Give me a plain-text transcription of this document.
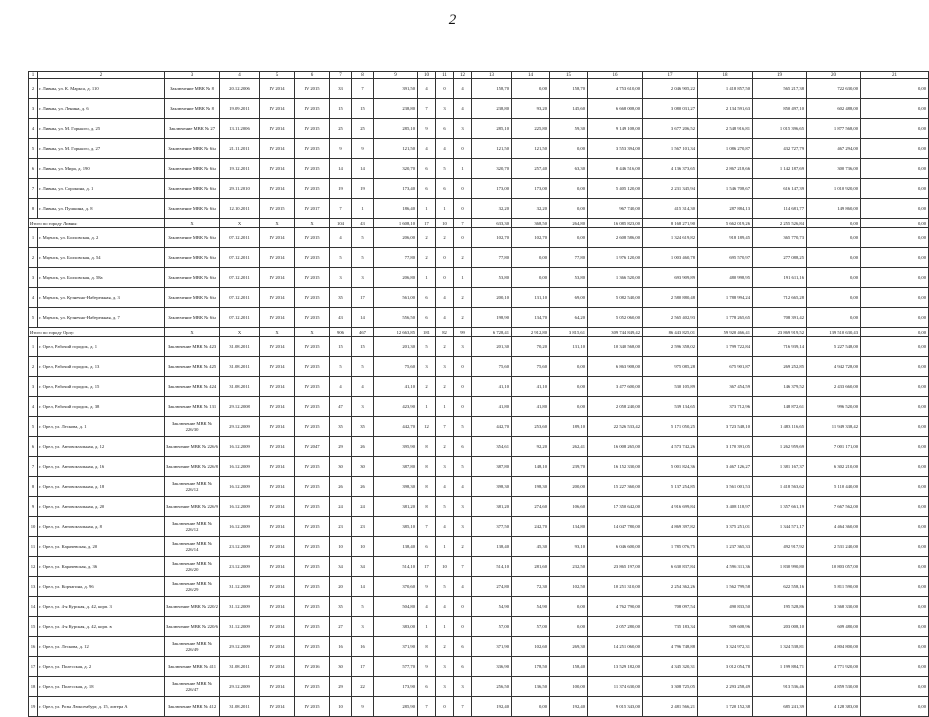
2
1	2	3	4	5	6	7	8	9	10	11	12	13	14	15	16	17	18	19	20	21
2	г. Ливны, ул. К. Маркса, д. 110	Заключение МВК № 8	20.12.2006	IV 2014	IV 2015	33	7	391,50	4	0	4	158,70	0,00	158,70	4 753 610,00	2 046 905,22	1 418 857,50	565 217,38	722 630,00	0,00
3	г. Ливны, ул. Ленина, д. 6	Заключение МВК № 8	19.09.2011	IV 2014	IV 2015	15	15	238,80	7	3	4	238,80	93,20	145,60	6 668 008,00	3 080 031,27	2 134 591,63	850 497,10	602 488,00	0,00
4	г. Ливны, ул. М. Горького, д. 25	Заключение МВК № 27	13.11.2006	IV 2014	IV 2015	25	25	285,10	9	6	3	285,10	225,80	59,30	9 149 108,00	3 677 206,52	2 548 916,81	1 015 396,65	1 877 568,00	0,00
5	г. Ливны, ул. М. Горького, д. 27	Заключение МВК № 6/н	21.11.2011	IV 2014	IV 2015	9	9	121,50	4	4	0	121,50	121,50	0,00	3 553 394,00	1 567 101,34	1 086 270,87	432 727,79	467 294,00	0,00
6	г. Ливны, ул. Мира, д. 190	Заключение МВК № 6/н	19.12.2011	IV 2014	IV 2015	14	14	320,70	6	5	1	320,70	257,40	63,30	8 446 516,00	4 136 373,65	2 867 218,66	1 142 187,69	300 736,00	0,00
7	г. Ливны, ул. Сорокина, д. 1	Заключение МВК № 6/н	29.11.2010	IV 2014	IV 2015	19	19	173,40	6	6	0	173,00	173,00	0,00	5 405 120,00	2 231 345,94	1 546 708,67	616 147,39	1 010 920,00	0,00
8	г. Ливны, ул. Пушкина, д. 8	Заключение МВК № 6/н	12.10.2011	IV 2015	IV 2017	7	1	186,40	1	1	0	32,20	32,20	0,00	967 740,00	415 314,30	287 884,13	114 681,77	149 860,00	0,00
Итого по городу Ливны:		X	X	X	X	104	43	1 608,10	17	10	7	633,30	368,50	264,80	16 085 823,00	8 168 271,90	5 662 019,26	2 255 526,84	0,00	0,00
1	г. Мценск, ул. Болховская, д. 2	Заключение МВК № 6/н	07.12.2011	IV 2014	IV 2015	4	5	206,00	2	2	0	102,70	102,70	0,00	2 608 586,00	1 324 619,82	918 189,45	365 770,73	0,00	0,00
2	г. Мценск, ул. Болховская, д. 54	Заключение МВК № 6/н	07.12.2011	IV 2014	IV 2015	5	5	77,80	2	0	2	77,80	0,00	77,80	1 976 120,00	1 003 460,78	695 570,97	277 088,25	0,00	0,00
3	г. Мценск, ул. Болховская, д. 58а	Заключение МВК № 6/н	07.12.2011	IV 2014	IV 2015	3	3	206,80	1	0	1	53,80	0,00	53,80	1 366 520,00	693 909,89	480 998,95	191 611,16	0,00	0,00
4	г. Мценск, ул. Кузнечно-Набережная, д. 3	Заключение МВК № 6/н	07.12.2011	IV 2014	IV 2015	35	17	561,00	6	4	2	200,10	131,10	69,00	5 082 540,00	2 580 880,48	1 788 994,24	712 665,28	0,00	0,00
5	г. Мценск, ул. Кузнечно-Набережная, д. 7	Заключение МВК № 6/н	07.12.2011	IV 2014	IV 2015	43	14	556,50	6	4	2	198,90	134,70	64,20	5 052 060,00	2 565 402,93	1 778 265,65	708 391,42	0,00	0,00
Итого по городу Орлу:		X	X	X	X	906	467	12 663,85	181	82	99	6 728,41	2 912,80	3 815,61	309 744 849,42	86 443 825,01	59 920 466,41	23 869 919,52	139 510 630,43	0,00
1	г. Орел, Рабочий городок, д. 1	Заключение МВК № 423	31.08.2011	IV 2014	IV 2015	15	15	201,30	5	2	3	201,30	70,20	131,10	10 340 568,00	2 596 358,02	1 799 722,84	716 939,14	5 227 548,00	0,00
2	г. Орел, Рабочий городок, д. 13	Заключение МВК № 425	31.08.2011	IV 2014	IV 2015	5	5	75,60	3	3	0	75,60	75,60	0,00	6 863 908,00	975 085,28	675 901,87	269 252,85	4 942 728,00	0,00
3	г. Орел, Рабочий городок, д. 15	Заключение МВК № 424	31.08.2011	IV 2014	IV 2015	4	4	41,10	2	2	0	41,10	41,10	0,00	3 477 600,00	530 105,89	367 454,59	146 379,52	2 433 660,00	0,00
4	г. Орел, Рабочий городок, д. 38	Заключение МВК № 131	29.12.2008	IV 2014	IV 2015	47	3	423,90	1	1	0	41,80	41,80	0,00	2 058 240,00	539 134,65	373 712,96	148 872,61	996 520,00	0,00
5	г. Орел, ул. Лескова, д. 1	Заключение МВК № 226/30	29.12.2009	IV 2014	IV 2015	35	35	442,70	12	7	5	442,70	253,60	189,10	22 526 533,42	5 171 050,25	3 723 548,10	1 483 116,65	11 949 338,42	0,00
6	г. Орел, ул. Автовокзальная, д. 12	Заключение МВК № 226/6	16.12.2009	IV 2014	IV 2047	29	26	395,90	8	2	6	354,61	92,20	262,41	16 008 265,00	4 573 742,26	3 170 391,05	1 262 959,69	7 001 171,00	0,00
7	г. Орел, ул. Автовокзальная, д. 16	Заключение МВК № 226/8	16.12.2009	IV 2014	IV 2015	30	30	387,80	8	3	5	387,80	148,10	239,70	16 152 330,00	5 001 824,36	3 467 126,27	1 381 167,37	6 302 210,00	0,00
8	г. Орел, ул. Автовокзальная, д. 18	Заключение МВК № 226/12	16.12.2009	IV 2014	IV 2015	26	26	398,30	8	4	4	398,30	198,30	200,00	15 227 360,00	5 137 254,85	3 561 001,53	1 418 563,62	5 110 440,00	0,00
9	г. Орел, ул. Автовокзальная, д. 20	Заключение МВК № 226/9	16.12.2009	IV 2014	IV 2015	24	24	381,20	8	5	3	381,20	274,60	106,60	17 350 642,00	4 916 699,84	3 408 118,97	1 357 661,19	7 667 562,00	0,00
10	г. Орел, ул. Автовокзальная, д. 8	Заключение МВК № 226/12	16.12.2009	IV 2014	IV 2015	23	23	385,10	7	4	3	377,50	242,70	134,80	14 047 780,00	4 869 397,82	3 375 251,01	1 344 571,17	4 464 360,00	0,00
11	г. Орел, ул. Карачевская, д. 20	Заключение МВК № 226/14	23.12.2009	IV 2014	IV 2015	10	10	138,40	6	1	2	138,40	45,30	93,10	6 046 600,00	1 785 076,75	1 237 365,33	492 917,92	2 531 240,00	0,00
12	г. Орел, ул. Карачевская, д. 36	Заключение МВК № 226/20	23.12.2009	IV 2014	IV 2015	34	34	514,10	17	10	7	514,10	281,60	232,50	23 865 197,00	6 630 837,84	4 596 311,36	1 830 990,80	10 803 057,00	0,00
13	г. Орел, ул. Корчагина, д. 96	Заключение МВК № 226/29	31.12.2009	IV 2014	IV 2015	20	14	370,60	9	5	4	274,80	72,30	102,50	10 251 310,00	2 254 362,26	1 562 799,58	622 558,16	5 811 590,00	0,00
14	г. Орел, ул. 4-я Курская, д. 42, корп. 3	Заключение МВК № 220/2	31.12.2009	IV 2014	IV 2015	35	5	504,80	4	4	0	54,90	54,90	0,00	4 762 790,00	708 097,54	490 833,50	195 528,86	3 368 330,00	0,00
15	г. Орел, ул. 4-я Курская, д. 42, корп. в	Заключение МВК № 220/6	31.12.2009	IV 2014	IV 2015	27	3	383,00	1	1	0	57,00	57,00	0,00	2 057 280,00	735 183,34	509 608,96	203 008,10	609 480,00	0,00
16	г. Орел, ул. Лескова, д. 12	Заключение МВК № 226/49	29.12.2009	IV 2014	IV 2015	16	16	371,90	8	2	6	371,90	102,60	269,30	14 251 060,00	4 796 748,88	3 324 972,31	1 324 538,81	4 804 800,00	0,00
17	г. Орел, ул. Полесская, д. 2	Заключение МВК № 411	31.08.2011	IV 2014	IV 2016	30	17	577,70	9	3	6	336,90	178,50	158,40	13 529 182,00	4 345 320,31	3 012 054,78	1 199 884,71	4 771 920,00	0,00
18	г. Орел, ул. Полесская, д. 18	Заключение МВК № 226/47	29.12.2009	IV 2014	IV 2015	29	22	173,90	6	3	3	256,50	136,50	100,00	11 374 630,00	3 308 725,05	2 293 258,49	913 536,46	4 859 530,00	0,00
19	г. Орел, ул. Розы Люксембург, д. 15, литера А	Заключение МВК № 412	31.08.2011	IV 2014	IV 2015	10	9	285,90	7	0	7	192,40	0,00	192,40	9 015 343,00	2 481 566,21	1 720 152,38	685 241,39	4 128 383,00	0,00
